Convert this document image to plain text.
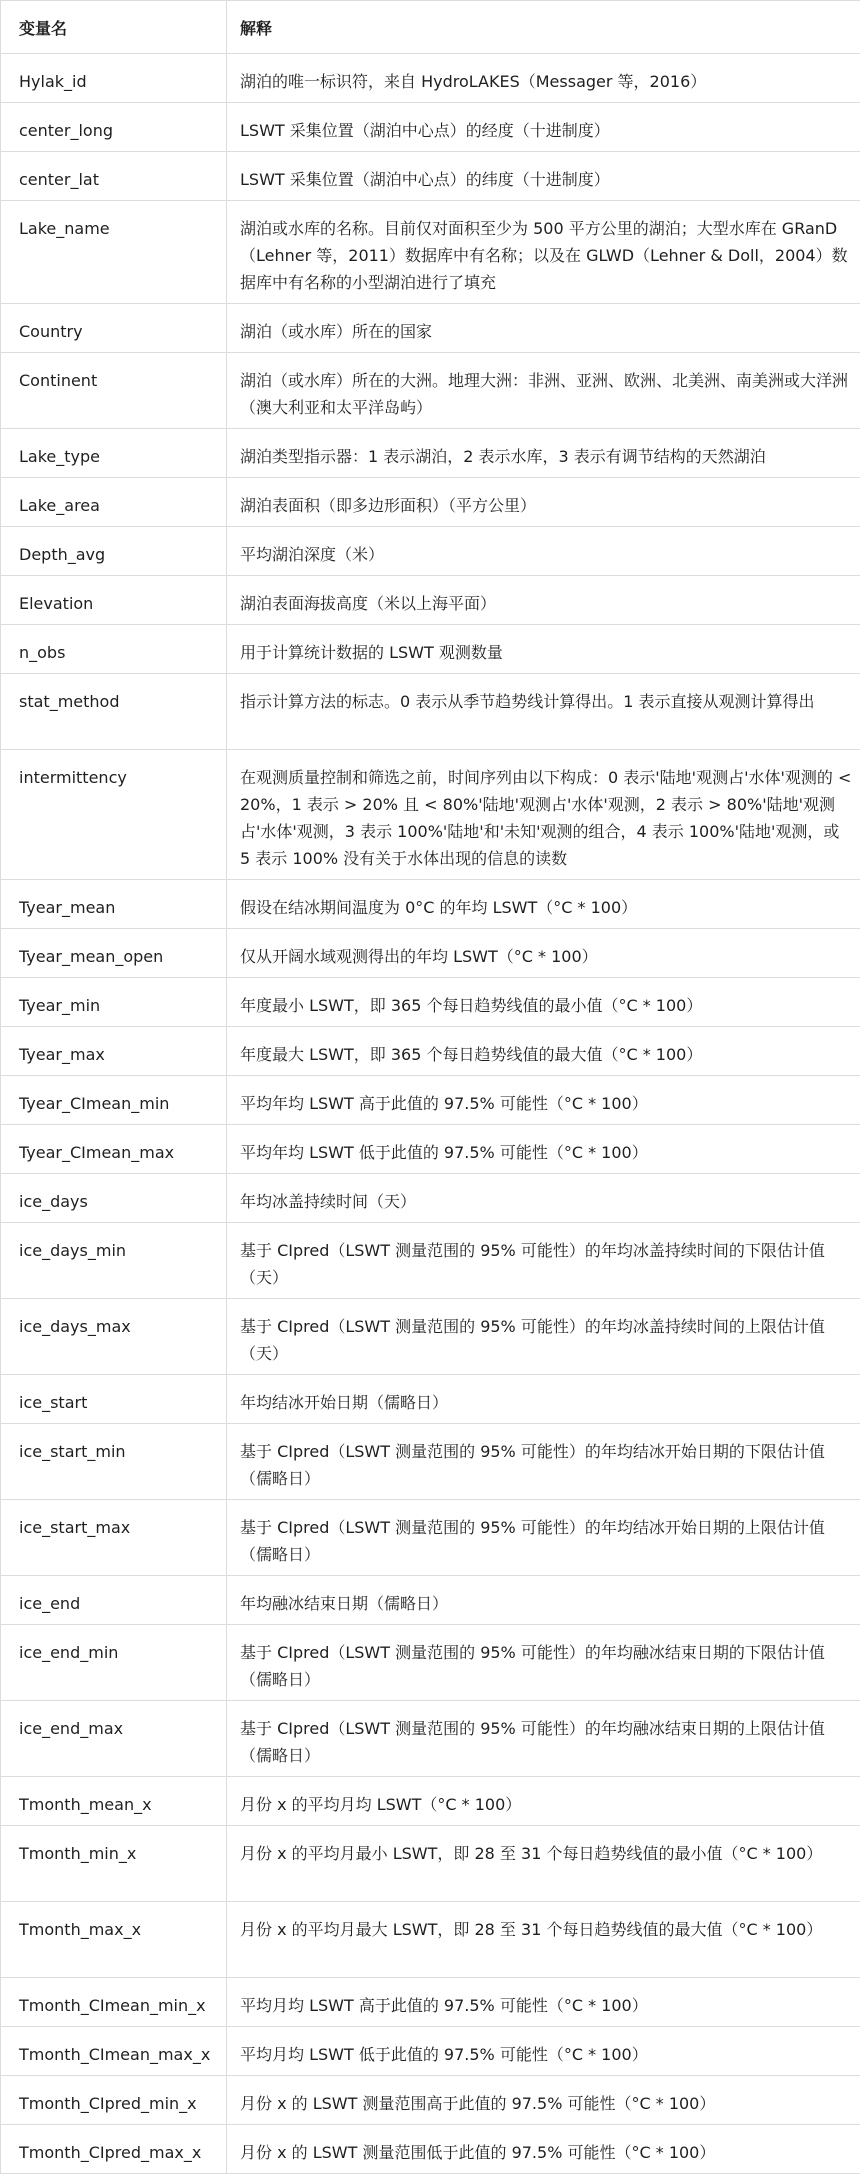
变量名	解释
Hylak_id	湖泊的唯一标识符，来自 HydroLAKES（Messager 等，2016）
center_long	LSWT 采集位置（湖泊中心点）的经度（十进制度）
center_lat	LSWT 采集位置（湖泊中心点）的纬度（十进制度）
Lake_name	湖泊或水库的名称。目前仅对面积至少为 500 平方公里的湖泊；大型水库在 GRanD（Lehner 等，2011）数据库中有名称；以及在 GLWD（Lehner & Doll，2004）数据库中有名称的小型湖泊进行了填充
Country	湖泊（或水库）所在的国家
Continent	湖泊（或水库）所在的大洲。地理大洲：非洲、亚洲、欧洲、北美洲、南美洲或大洋洲（澳大利亚和太平洋岛屿）
Lake_type	湖泊类型指示器：1 表示湖泊，2 表示水库，3 表示有调节结构的天然湖泊
Lake_area	湖泊表面积（即多边形面积）（平方公里）
Depth_avg	平均湖泊深度（米）
Elevation	湖泊表面海拔高度（米以上海平面）
n_obs	用于计算统计数据的 LSWT 观测数量
stat_method	指示计算方法的标志。0 表示从季节趋势线计算得出。1 表示直接从观测计算得出
intermittency	在观测质量控制和筛选之前，时间序列由以下构成：0 表示'陆地'观测占'水体'观测的 < 20%，1 表示 > 20% 且 < 80%'陆地'观测占'水体'观测，2 表示 > 80%'陆地'观测占'水体'观测，3 表示 100%'陆地'和'未知'观测的组合，4 表示 100%'陆地'观测，或 5 表示 100% 没有关于水体出现的信息的读数
Tyear_mean	假设在结冰期间温度为 0°C 的年均 LSWT（°C * 100）
Tyear_mean_open	仅从开阔水域观测得出的年均 LSWT（°C * 100）
Tyear_min	年度最小 LSWT，即 365 个每日趋势线值的最小值（°C * 100）
Tyear_max	年度最大 LSWT，即 365 个每日趋势线值的最大值（°C * 100）
Tyear_CImean_min	平均年均 LSWT 高于此值的 97.5% 可能性（°C * 100）
Tyear_CImean_max	平均年均 LSWT 低于此值的 97.5% 可能性（°C * 100）
ice_days	年均冰盖持续时间（天）
ice_days_min	基于 CIpred（LSWT 测量范围的 95% 可能性）的年均冰盖持续时间的下限估计值（天）
ice_days_max	基于 CIpred（LSWT 测量范围的 95% 可能性）的年均冰盖持续时间的上限估计值（天）
ice_start	年均结冰开始日期（儒略日）
ice_start_min	基于 CIpred（LSWT 测量范围的 95% 可能性）的年均结冰开始日期的下限估计值（儒略日）
ice_start_max	基于 CIpred（LSWT 测量范围的 95% 可能性）的年均结冰开始日期的上限估计值（儒略日）
ice_end	年均融冰结束日期（儒略日）
ice_end_min	基于 CIpred（LSWT 测量范围的 95% 可能性）的年均融冰结束日期的下限估计值（儒略日）
ice_end_max	基于 CIpred（LSWT 测量范围的 95% 可能性）的年均融冰结束日期的上限估计值（儒略日）
Tmonth_mean_x	月份 x 的平均月均 LSWT（°C * 100）
Tmonth_min_x	月份 x 的平均月最小 LSWT，即 28 至 31 个每日趋势线值的最小值（°C * 100）
Tmonth_max_x	月份 x 的平均月最大 LSWT，即 28 至 31 个每日趋势线值的最大值（°C * 100）
Tmonth_CImean_min_x	平均月均 LSWT 高于此值的 97.5% 可能性（°C * 100）
Tmonth_CImean_max_x	平均月均 LSWT 低于此值的 97.5% 可能性（°C * 100）
Tmonth_CIpred_min_x	月份 x 的 LSWT 测量范围高于此值的 97.5% 可能性（°C * 100）
Tmonth_CIpred_max_x	月份 x 的 LSWT 测量范围低于此值的 97.5% 可能性（°C * 100）
